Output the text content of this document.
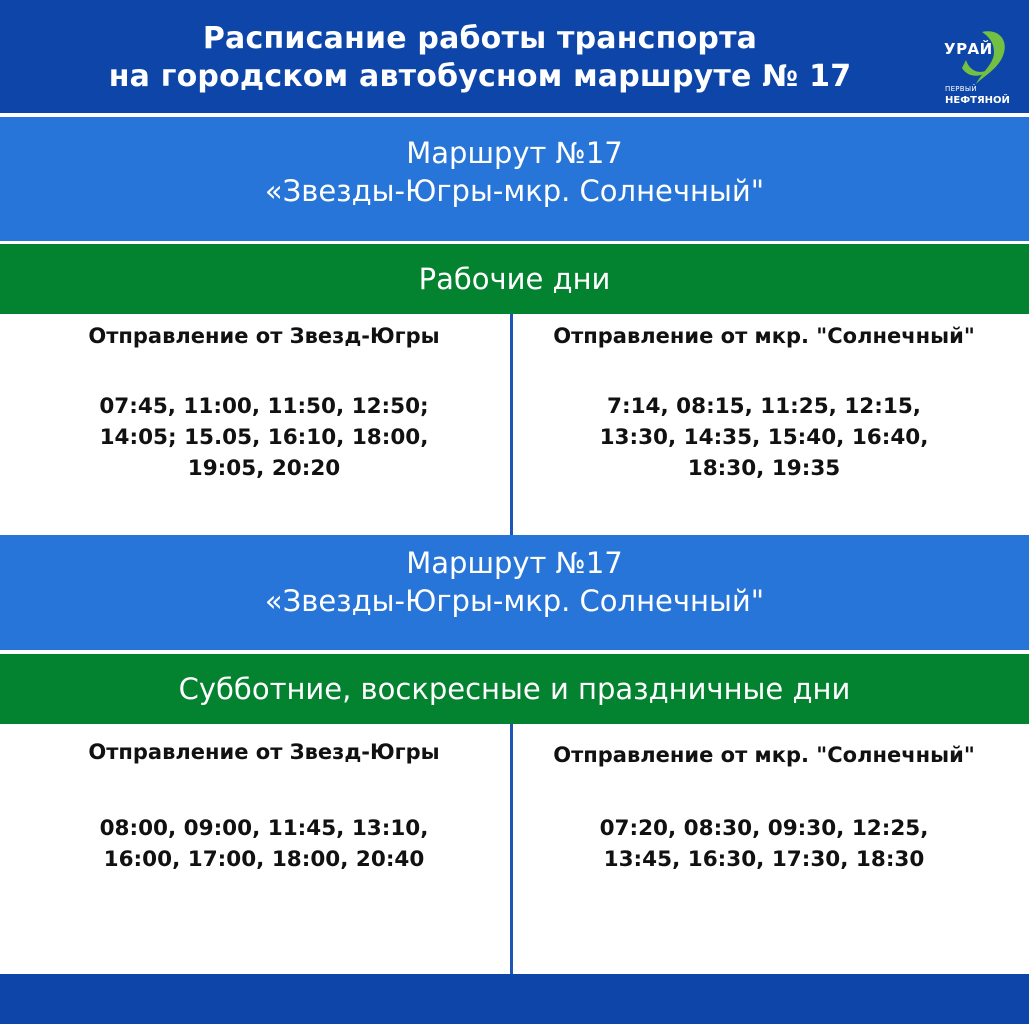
Расписание работы транспорта
на городском автобусном маршруте № 17
УРАЙ
ПЕРВЫЙ
НЕФТЯНОЙ
Маршрут №17
«Звезды-Югры-мкр. Солнечный"
Рабочие дни
Отправление от Звезд-Югры
07:45, 11:00, 11:50, 12:50;
14:05; 15.05, 16:10, 18:00,
19:05, 20:20
Отправление от мкр. "Солнечный"
7:14, 08:15, 11:25, 12:15,
13:30, 14:35, 15:40, 16:40,
18:30, 19:35
Маршрут №17
«Звезды-Югры-мкр. Солнечный"
Субботние, воскресные и праздничные дни
Отправление от Звезд-Югры
08:00, 09:00, 11:45, 13:10,
16:00, 17:00, 18:00, 20:40
Отправление от мкр. "Солнечный"
07:20, 08:30, 09:30, 12:25,
13:45, 16:30, 17:30, 18:30
